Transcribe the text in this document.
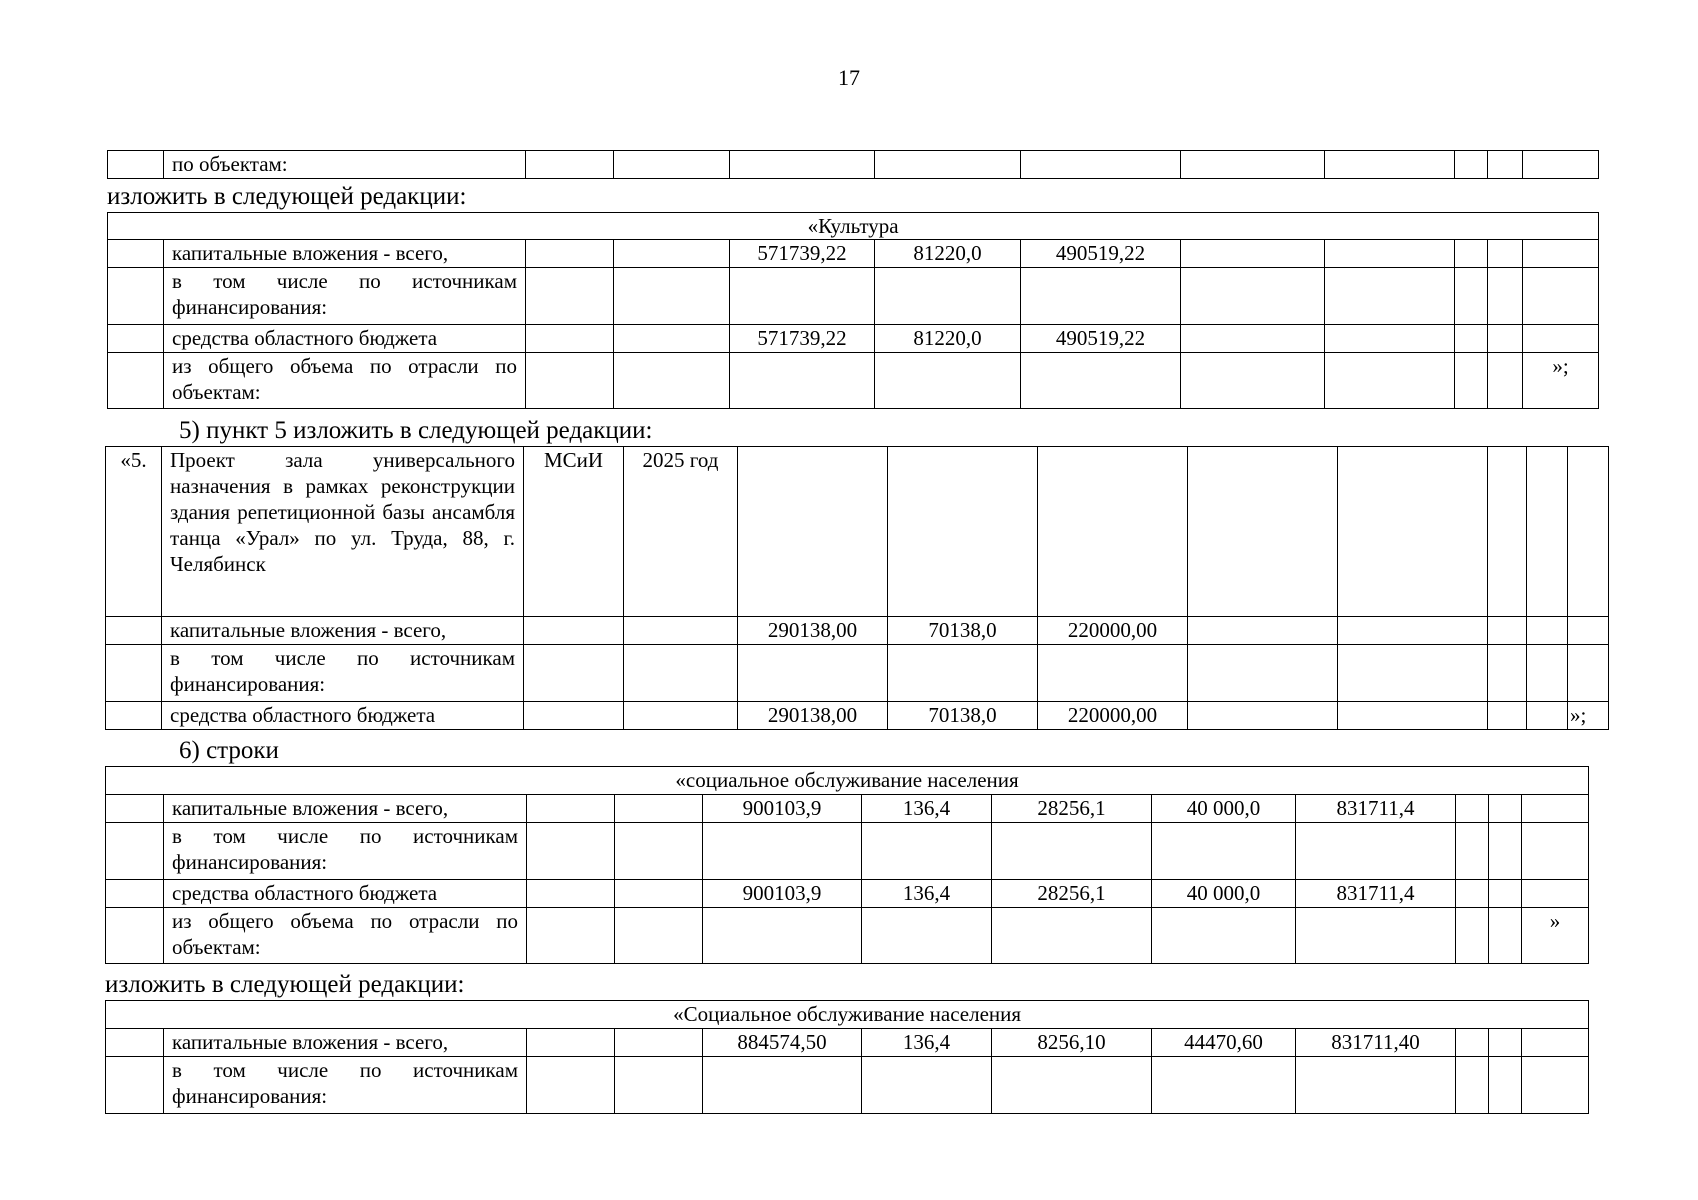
17
	по объектам:										
изложить в следующей редакции:
«Культура											
	капитальные вложения - всего,			571739,22	81220,0	490519,22					
	в том числе по источникам финансирования:										
	средства областного бюджета			571739,22	81220,0	490519,22					
	из общего объема по отрасли по объектам:										»;
5) пункт 5 изложить в следующей редакции:
«5.	Проект зала универсального назначения в рамках реконструкции здания репетиционной базы ансамбля танца «Урал» по ул. Труда, 88, г. Челябинск	МСиИ	2025 год								
	капитальные вложения - всего,			290138,00	70138,0	220000,00					
	в том числе по источникам финансирования:										
	средства областного бюджета			290138,00	70138,0	220000,00					»;
6) строки
«социальное обслуживание населения											
	капитальные вложения - всего,			900103,9	136,4	28256,1	40 000,0	831711,4			
	в том числе по источникам финансирования:										
	средства областного бюджета			900103,9	136,4	28256,1	40 000,0	831711,4			
	из общего объема по отрасли по объектам:										»
изложить в следующей редакции:
«Социальное обслуживание населения											
	капитальные вложения - всего,			884574,50	136,4	8256,10	44470,60	831711,40			
	в том числе по источникам финансирования:										
